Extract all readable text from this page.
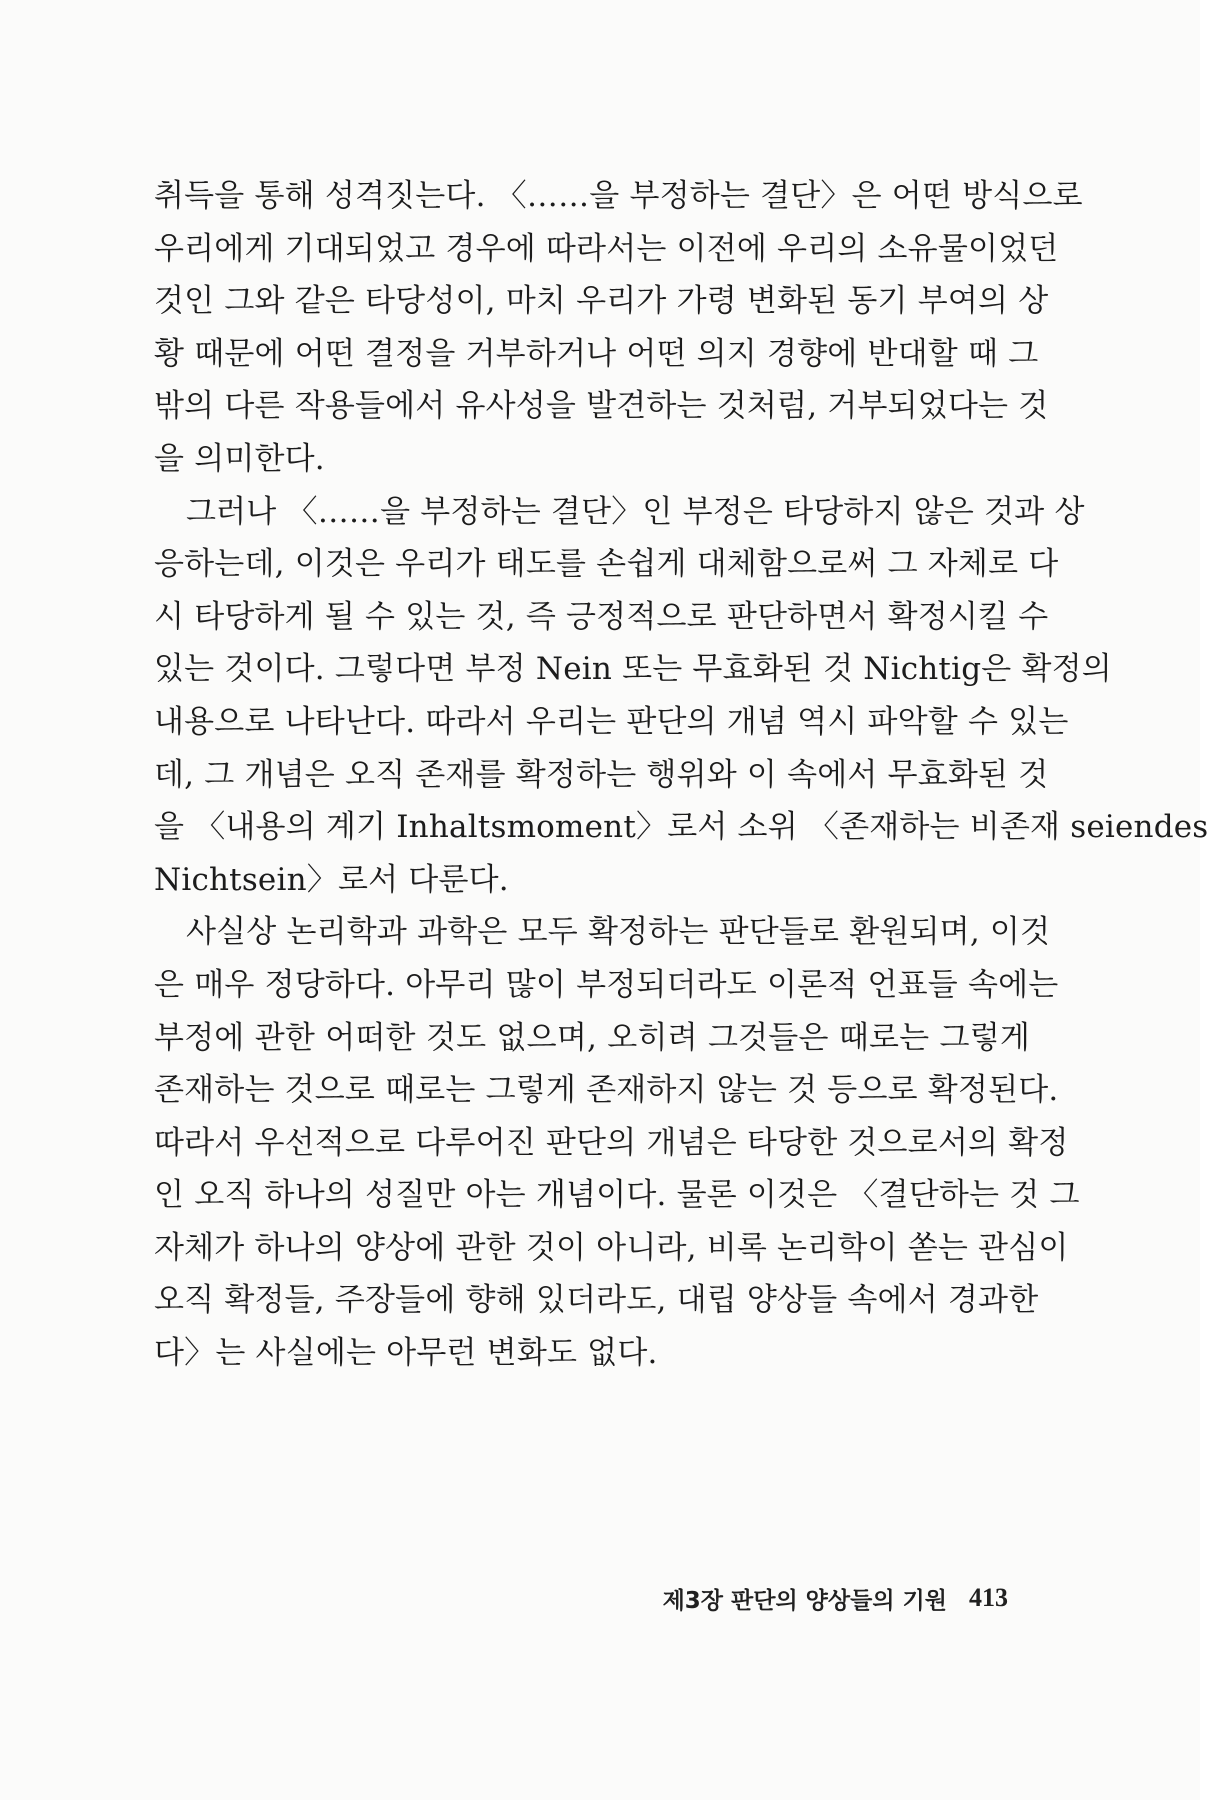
취득을 통해 성격짓는다. 〈……을 부정하는 결단〉은 어떤 방식으로
우리에게 기대되었고 경우에 따라서는 이전에 우리의 소유물이었던
것인 그와 같은 타당성이, 마치 우리가 가령 변화된 동기 부여의 상
황 때문에 어떤 결정을 거부하거나 어떤 의지 경향에 반대할 때 그
밖의 다른 작용들에서 유사성을 발견하는 것처럼, 거부되었다는 것
을 의미한다.
그러나 〈……을 부정하는 결단〉인 부정은 타당하지 않은 것과 상
응하는데, 이것은 우리가 태도를 손쉽게 대체함으로써 그 자체로 다
시 타당하게 될 수 있는 것, 즉 긍정적으로 판단하면서 확정시킬 수
있는 것이다. 그렇다면 부정 Nein 또는 무효화된 것 Nichtig은 확정의
내용으로 나타난다. 따라서 우리는 판단의 개념 역시 파악할 수 있는
데, 그 개념은 오직 존재를 확정하는 행위와 이 속에서 무효화된 것
을 〈내용의 계기 Inhaltsmoment〉로서 소위 〈존재하는 비존재 seiendes
Nichtsein〉로서 다룬다.
사실상 논리학과 과학은 모두 확정하는 판단들로 환원되며, 이것
은 매우 정당하다. 아무리 많이 부정되더라도 이론적 언표들 속에는
부정에 관한 어떠한 것도 없으며, 오히려 그것들은 때로는 그렇게
존재하는 것으로 때로는 그렇게 존재하지 않는 것 등으로 확정된다.
따라서 우선적으로 다루어진 판단의 개념은 타당한 것으로서의 확정
인 오직 하나의 성질만 아는 개념이다. 물론 이것은 〈결단하는 것 그
자체가 하나의 양상에 관한 것이 아니라, 비록 논리학이 쏟는 관심이
오직 확정들, 주장들에 향해 있더라도, 대립 양상들 속에서 경과한
다〉는 사실에는 아무런 변화도 없다.
제3장 판단의 양상들의 기원 413
